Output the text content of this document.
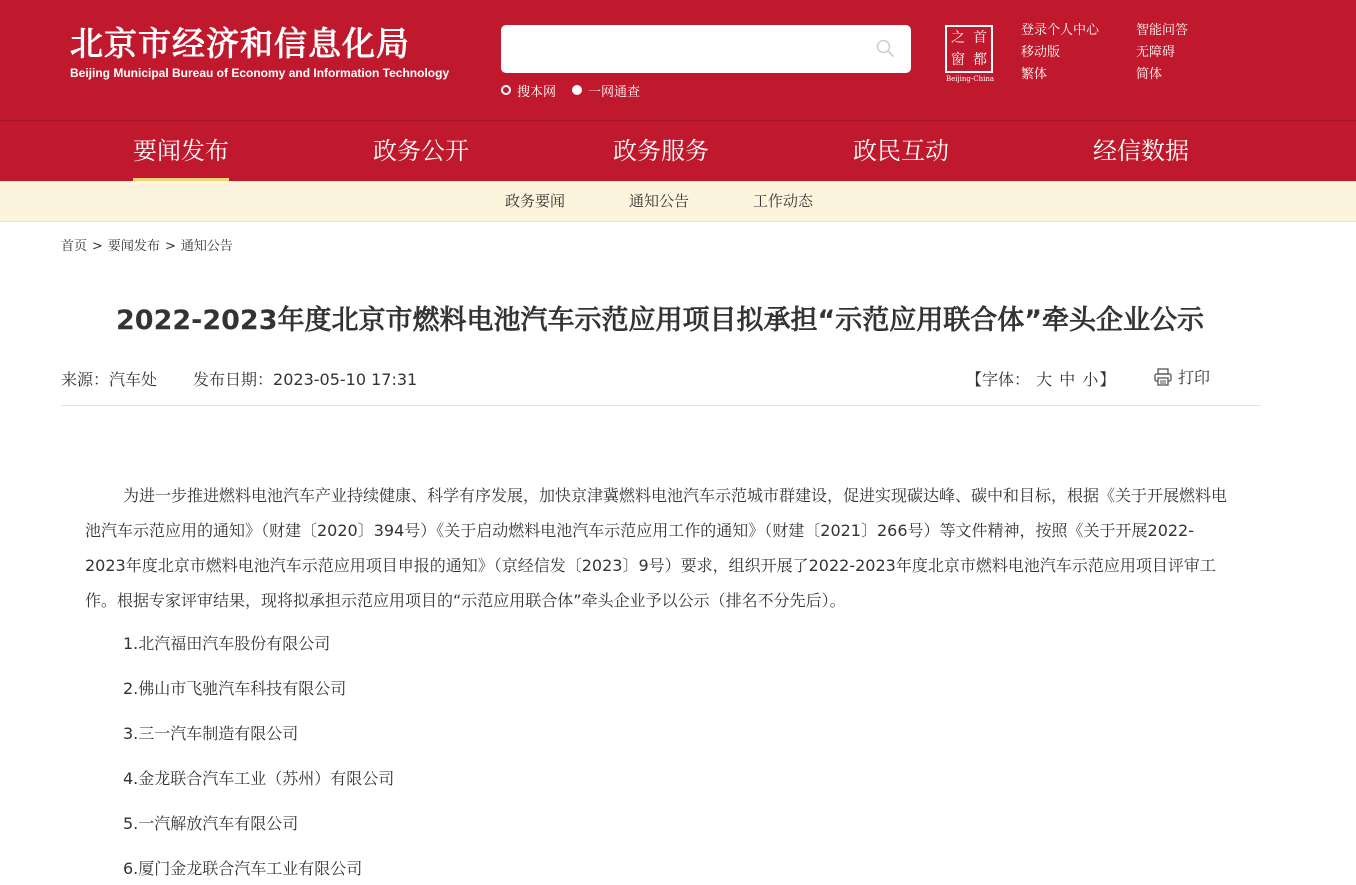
北京市经济和信息化局
Beijing Municipal Bureau of Economy and Information Technology
搜本网 一网通查
之 首
窗 都
Beijing-China
登录个人中心	智能问答
移动版	无障碍
繁体	简体
要闻发布	政务公开	政务服务	政民互动	经信数据
政务要闻	通知公告	工作动态
首页 > 要闻发布 > 通知公告
2022-2023年度北京市燃料电池汽车示范应用项目拟承担“示范应用联合体”牵头企业公示
来源：汽车处 发布日期：2023-05-10 17:31	【字体： 大 中 小】	打印

为进一步推进燃料电池汽车产业持续健康、科学有序发展，加快京津冀燃料电池汽车示范城市群建设，促进实现碳达峰、碳中和目标，根据《关于开展燃料电池汽车示范应用的通知》（财建〔2020〕394号）《关于启动燃料电池汽车示范应用工作的通知》（财建〔2021〕266号）等文件精神，按照《关于开展2022-2023年度北京市燃料电池汽车示范应用项目申报的通知》（京经信发〔2023〕9号）要求，组织开展了2022-2023年度北京市燃料电池汽车示范应用项目评审工作。根据专家评审结果，现将拟承担示范应用项目的“示范应用联合体”牵头企业予以公示（排名不分先后）。

1.北汽福田汽车股份有限公司
2.佛山市飞驰汽车科技有限公司
3.三一汽车制造有限公司
4.金龙联合汽车工业（苏州）有限公司
5.一汽解放汽车有限公司
6.厦门金龙联合汽车工业有限公司
